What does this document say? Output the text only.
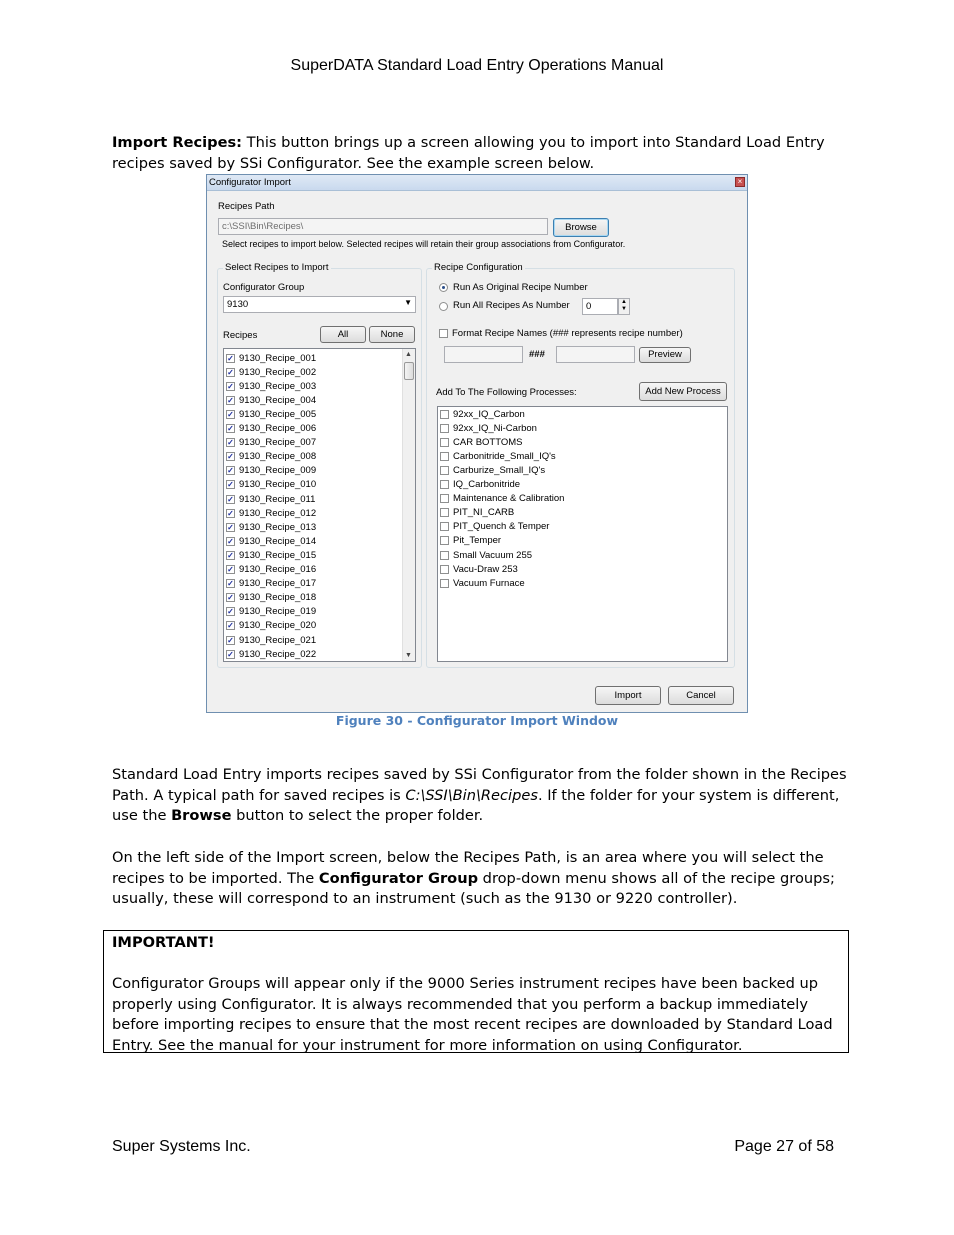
SuperDATA Standard Load Entry Operations Manual
Import Recipes: This button brings up a screen allowing you to import into Standard Load Entry recipes saved by SSi Configurator. See the example screen below.
Configurator Import	×
Recipes Path
c:\SSI\Bin\Recipes\	Browse
Select recipes to import below. Selected recipes will retain their group associations from Configurator.
Select Recipes to Import
Configurator Group
9130	▼
Recipes	All	None
✓ 9130_Recipe_022
✓ 9130_Recipe_021
✓ 9130_Recipe_020
✓ 9130_Recipe_019
✓ 9130_Recipe_018
✓ 9130_Recipe_017
✓ 9130_Recipe_016
✓ 9130_Recipe_015
✓ 9130_Recipe_014
✓ 9130_Recipe_013
✓ 9130_Recipe_012
✓ 9130_Recipe_011
✓ 9130_Recipe_010
✓ 9130_Recipe_009
✓ 9130_Recipe_008
✓ 9130_Recipe_007
✓ 9130_Recipe_006
✓ 9130_Recipe_005
✓ 9130_Recipe_004
✓ 9130_Recipe_003
✓ 9130_Recipe_002
✓ 9130_Recipe_001	▲
▼
Recipe Configuration
Run As Original Recipe Number
Run All Recipes As Number	0	▲
▼
Format Recipe Names (### represents recipe number)
###	Preview
Add To The Following Processes:	Add New Process
92xx_IQ_Carbon
92xx_IQ_Ni-Carbon
CAR BOTTOMS
Carbonitride_Small_IQ's
Carburize_Small_IQ's
IQ_Carbonitride
Maintenance & Calibration
PIT_NI_CARB
PIT_Quench & Temper
Pit_Temper
Small Vacuum 255
Vacu-Draw 253
Vacuum Furnace
Import	Cancel
Figure 30 - Configurator Import Window
Standard Load Entry imports recipes saved by SSi Configurator from the folder shown in the Recipes Path. A typical path for saved recipes is C:\SSI\Bin\Recipes. If the folder for your system is different, use the Browse button to select the proper folder.
On the left side of the Import screen, below the Recipes Path, is an area where you will select the recipes to be imported. The Configurator Group drop-down menu shows all of the recipe groups; usually, these will correspond to an instrument (such as the 9130 or 9220 controller).
IMPORTANT!
Configurator Groups will appear only if the 9000 Series instrument recipes have been backed up properly using Configurator. It is always recommended that you perform a backup immediately before importing recipes to ensure that the most recent recipes are downloaded by Standard Load Entry. See the manual for your instrument for more information on using Configurator.
Super Systems Inc.	Page 27 of 58
